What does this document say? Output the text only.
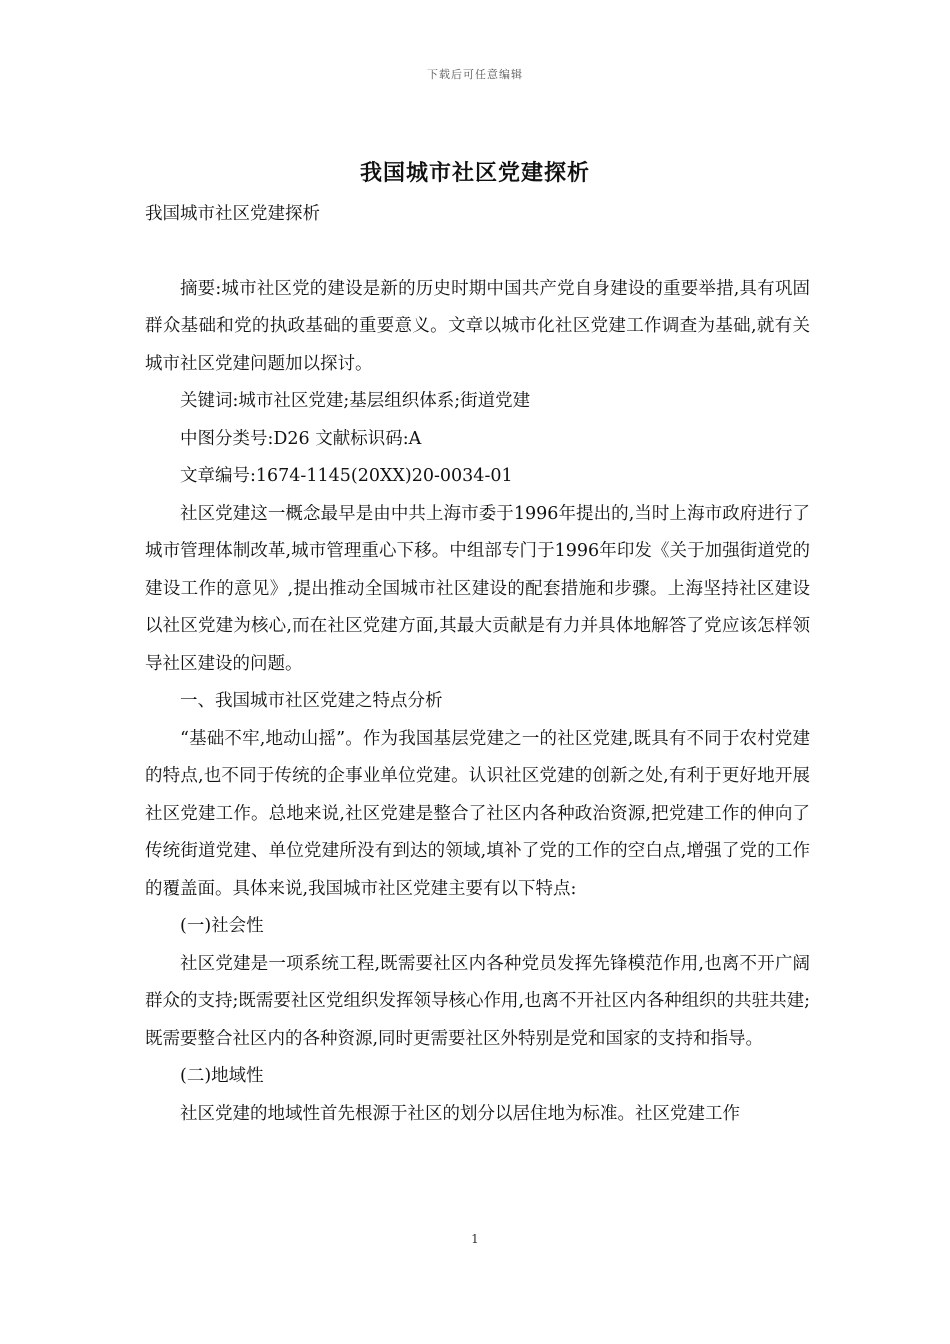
下载后可任意编辑
我国城市社区党建探析

我国城市社区党建探析

摘要:城市社区党的建设是新的历史时期中国共产党自身建设的重要举措,具有巩固群众基础和党的执政基础的重要意义。文章以城市化社区党建工作调查为基础,就有关城市社区党建问题加以探讨。

关键词:城市社区党建;基层组织体系;街道党建

中图分类号:D26 文献标识码:A

文章编号:1674-1145(20XX)20-0034-01

社区党建这一概念最早是由中共上海市委于1996年提出的,当时上海市政府进行了城市管理体制改革,城市管理重心下移。中组部专门于1996年印发《关于加强街道党的建设工作的意见》,提出推动全国城市社区建设的配套措施和步骤。上海坚持社区建设以社区党建为核心,而在社区党建方面,其最大贡献是有力并具体地解答了党应该怎样领导社区建设的问题。

一、我国城市社区党建之特点分析

“基础不牢,地动山摇”。作为我国基层党建之一的社区党建,既具有不同于农村党建的特点,也不同于传统的企事业单位党建。认识社区党建的创新之处,有利于更好地开展社区党建工作。总地来说,社区党建是整合了社区内各种政治资源,把党建工作的伸向了传统街道党建、单位党建所没有到达的领域,填补了党的工作的空白点,增强了党的工作的覆盖面。具体来说,我国城市社区党建主要有以下特点:

(一)社会性

社区党建是一项系统工程,既需要社区内各种党员发挥先锋模范作用,也离不开广阔群众的支持;既需要社区党组织发挥领导核心作用,也离不开社区内各种组织的共驻共建;既需要整合社区内的各种资源,同时更需要社区外特别是党和国家的支持和指导。

(二)地域性

社区党建的地域性首先根源于社区的划分以居住地为标准。社区党建工作

1
